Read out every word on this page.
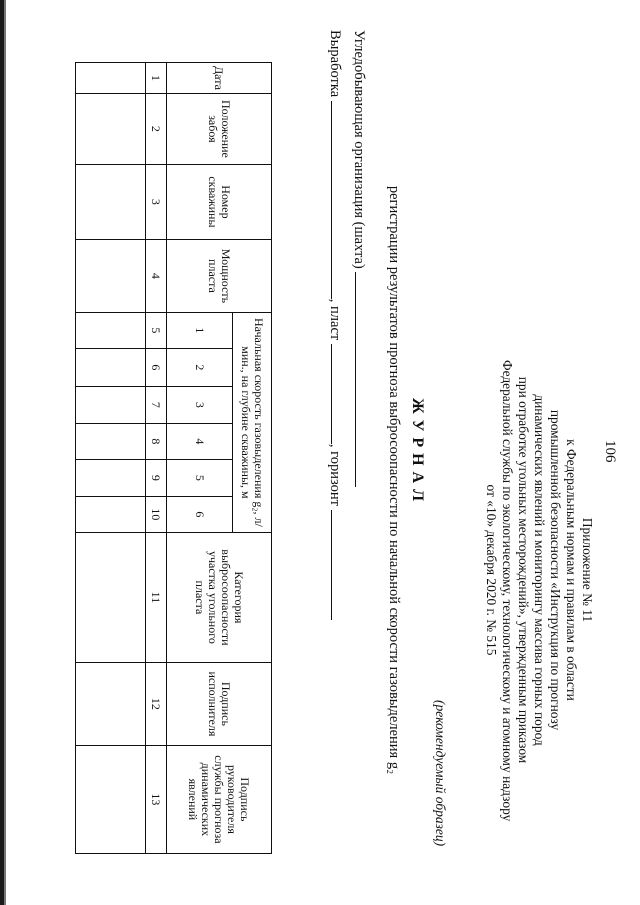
106
Приложение № 11
к Федеральным нормам и правилам в области
промышленной безопасности «Инструкция по прогнозу
динамических явлений и мониторингу массива горных пород
при отработке угольных месторождений», утвержденным приказом
Федеральной службы по экологическому, технологическому и атомному надзору
от «10» декабря 2020 г. № 515
(рекомендуемый образец)
ЖУРНАЛ
регистрации результатов прогноза выбросоопасности по начальной скорости газовыделения g₂
Угледобывающая организация (шахта)
Выработка , пласт , горизонт
Дата	Положение забоя	Номер скважины	Мощность пласта	Начальная скорость газовыделения g₂, л/мин., на глубине скважины, м						Категория выбросоопасности участка угольного пласта	Подпись исполнителя	Подпись руководителя службы прогноза динамических явлений
				1	2	3	4	5	6			
1	2	3	4	5	6	7	8	9	10	11	12	13
